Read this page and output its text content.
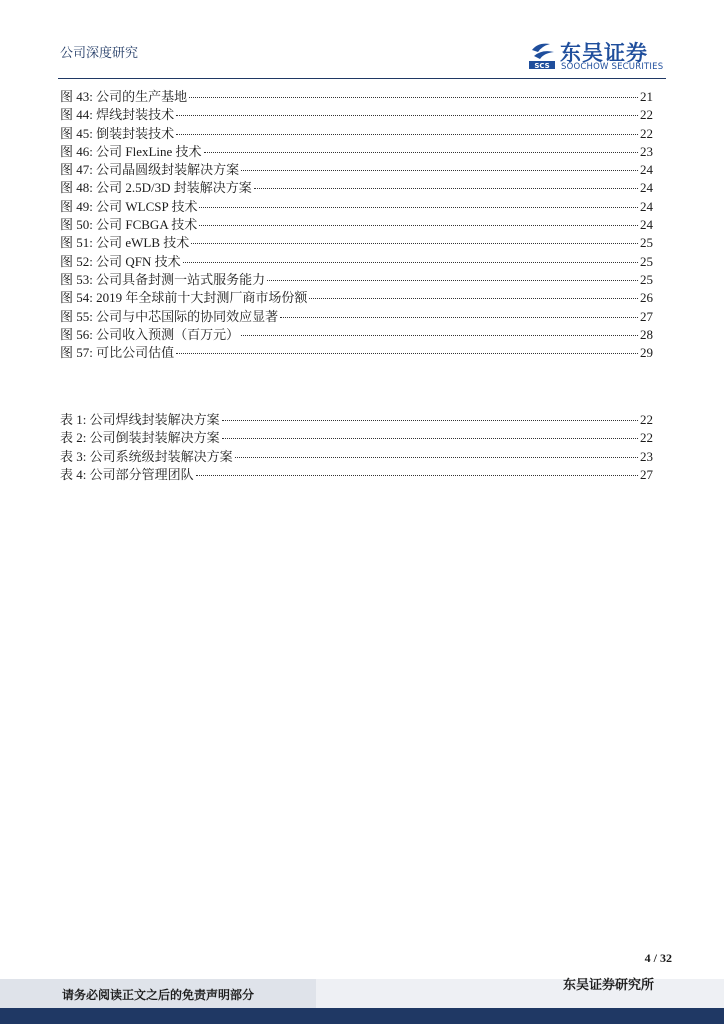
公司深度研究
SCS
东吴证券
SOOCHOW SECURITIES
图 43: 公司的生产基地	21
图 44: 焊线封装技术	22
图 45: 倒装封装技术	22
图 46: 公司 FlexLine 技术	23
图 47: 公司晶圆级封装解决方案	24
图 48: 公司 2.5D/3D 封装解决方案	24
图 49: 公司 WLCSP 技术	24
图 50: 公司 FCBGA 技术	24
图 51: 公司 eWLB 技术	25
图 52: 公司 QFN 技术	25
图 53: 公司具备封测一站式服务能力	25
图 54: 2019 年全球前十大封测厂商市场份额	26
图 55: 公司与中芯国际的协同效应显著	27
图 56: 公司收入预测（百万元）	28
图 57: 可比公司估值	29
表 1: 公司焊线封装解决方案	22
表 2: 公司倒装封装解决方案	22
表 3: 公司系统级封装解决方案	23
表 4: 公司部分管理团队	27
4 / 32
请务必阅读正文之后的免责声明部分
东吴证券研究所
